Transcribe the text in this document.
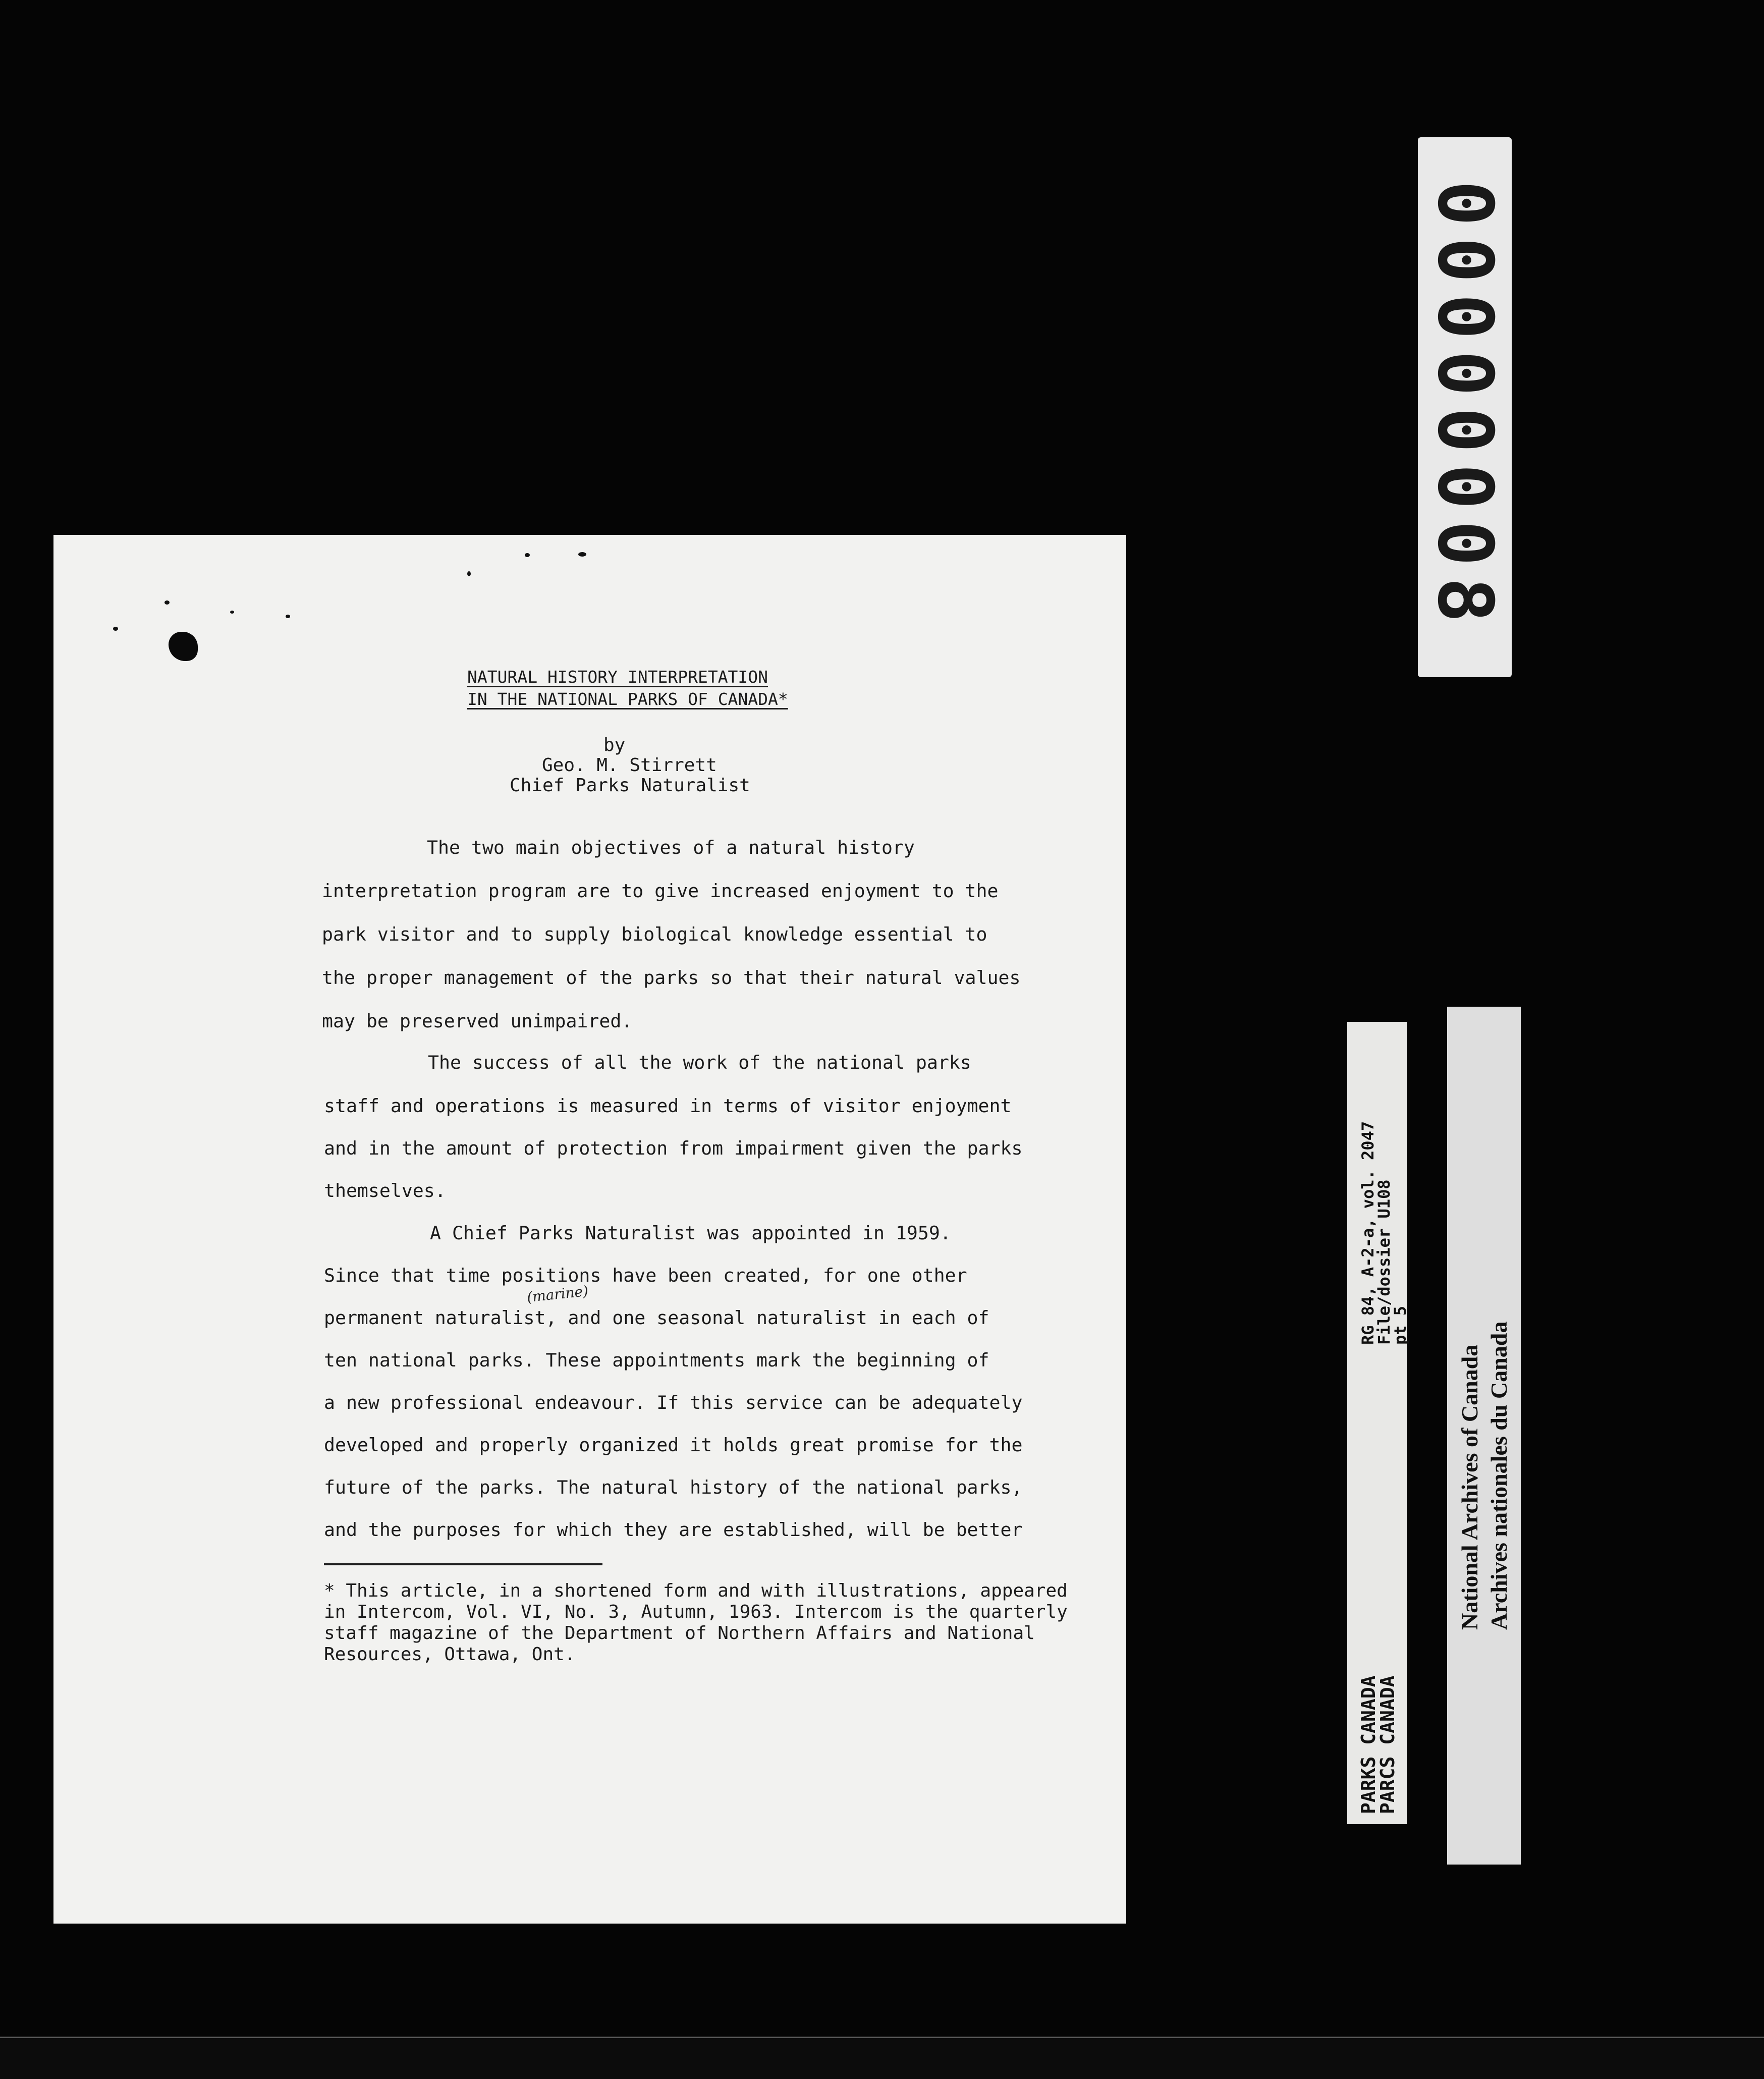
00000008
NATURAL HISTORY INTERPRETATION
IN THE NATIONAL PARKS OF CANADA*
by
Geo. M. Stirrett
Chief Parks Naturalist
The two main objectives of a natural history
interpretation program are to give increased enjoyment to the
park visitor and to supply biological knowledge essential to
the proper management of the parks so that their natural values
may be preserved unimpaired.
The success of all the work of the national parks
staff and operations is measured in terms of visitor enjoyment
and in the amount of protection from impairment given the parks
themselves.
A Chief Parks Naturalist was appointed in 1959.
Since that time positions have been created, for one other
(marine)
permanent naturalist, and one seasonal naturalist in each of
ten national parks. These appointments mark the beginning of
a new professional endeavour. If this service can be adequately
developed and properly organized it holds great promise for the
future of the parks. The natural history of the national parks,
and the purposes for which they are established, will be better
* This article, in a shortened form and with illustrations, appeared
in Intercom, Vol. VI, No. 3, Autumn, 1963. Intercom is the quarterly
staff magazine of the Department of Northern Affairs and National
Resources, Ottawa, Ont.
PARKS CANADA
PARCS CANADA
RG 84, A-2-a, vol. 2047
File/dossier U108
pt 5
National Archives of Canada Archives nationales du Canada
